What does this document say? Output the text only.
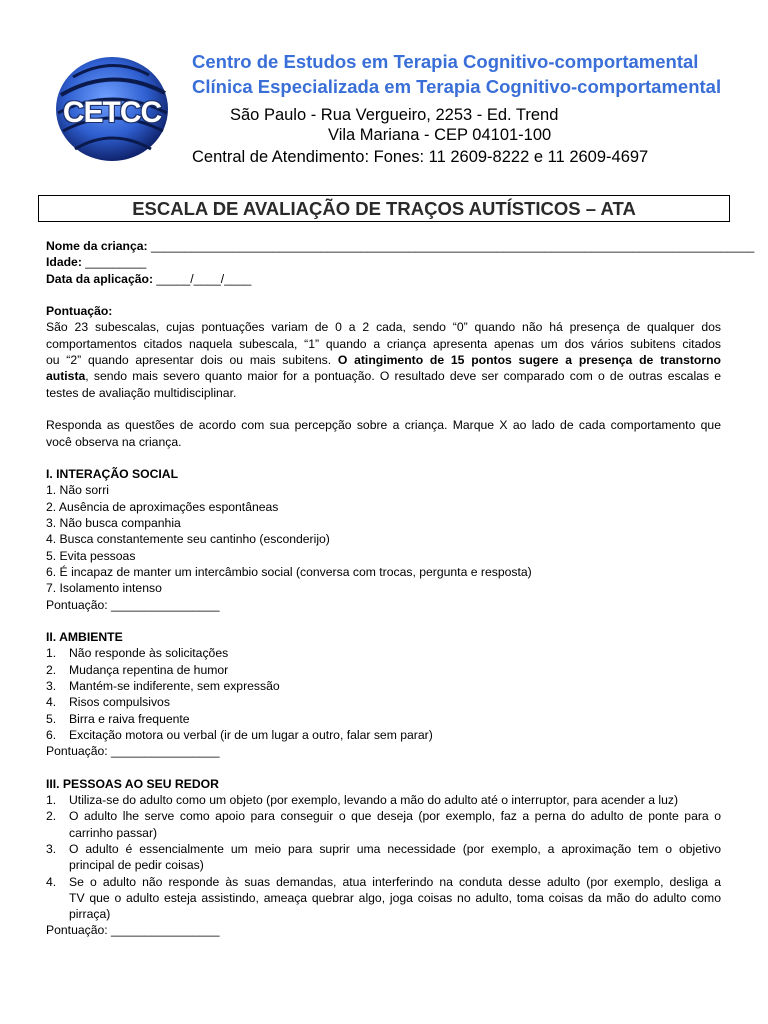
CETCC
Centro de Estudos em Terapia Cognitivo-comportamental
Clínica Especializada em Terapia Cognitivo-comportamental
São Paulo - Rua Vergueiro, 2253 - Ed. Trend
Vila Mariana - CEP 04101-100
Central de Atendimento: Fones: 11 2609-8222 e 11 2609-4697
ESCALA DE AVALIAÇÃO DE TRAÇOS AUTÍSTICOS – ATA
Nome da criança: _________________________________________________________________________________________
Idade: _________
Data da aplicação: _____/____/____
Pontuação:
São 23 subescalas, cujas pontuações variam de 0 a 2 cada, sendo “0” quando não há presença de qualquer dos
comportamentos citados naquela subescala, “1” quando a criança apresenta apenas um dos vários subitens citados
ou “2” quando apresentar dois ou mais subitens. O atingimento de 15 pontos sugere a presença de transtorno
autista, sendo mais severo quanto maior for a pontuação. O resultado deve ser comparado com o de outras escalas e
testes de avaliação multidisciplinar.
Responda as questões de acordo com sua percepção sobre a criança. Marque X ao lado de cada comportamento que
você observa na criança.
I. INTERAÇÃO SOCIAL
1. Não sorri
2. Ausência de aproximações espontâneas
3. Não busca companhia
4. Busca constantemente seu cantinho (esconderijo)
5. Evita pessoas
6. É incapaz de manter um intercâmbio social (conversa com trocas, pergunta e resposta)
7. Isolamento intenso
Pontuação: ________________
II. AMBIENTE
1. Não responde às solicitações
2. Mudança repentina de humor
3. Mantém-se indiferente, sem expressão
4. Risos compulsivos
5. Birra e raiva frequente
6. Excitação motora ou verbal (ir de um lugar a outro, falar sem parar)
Pontuação: ________________
III. PESSOAS AO SEU REDOR
1. Utiliza-se do adulto como um objeto (por exemplo, levando a mão do adulto até o interruptor, para acender a luz)
2.	O adulto lhe serve como apoio para conseguir o que deseja (por exemplo, faz a perna do adulto de ponte para o
carrinho passar)
3.	O adulto é essencialmente um meio para suprir uma necessidade (por exemplo, a aproximação tem o objetivo
principal de pedir coisas)
4.	Se o adulto não responde às suas demandas, atua interferindo na conduta desse adulto (por exemplo, desliga a
TV que o adulto esteja assistindo, ameaça quebrar algo, joga coisas no adulto, toma coisas da mão do adulto como
pirraça)
Pontuação: ________________
